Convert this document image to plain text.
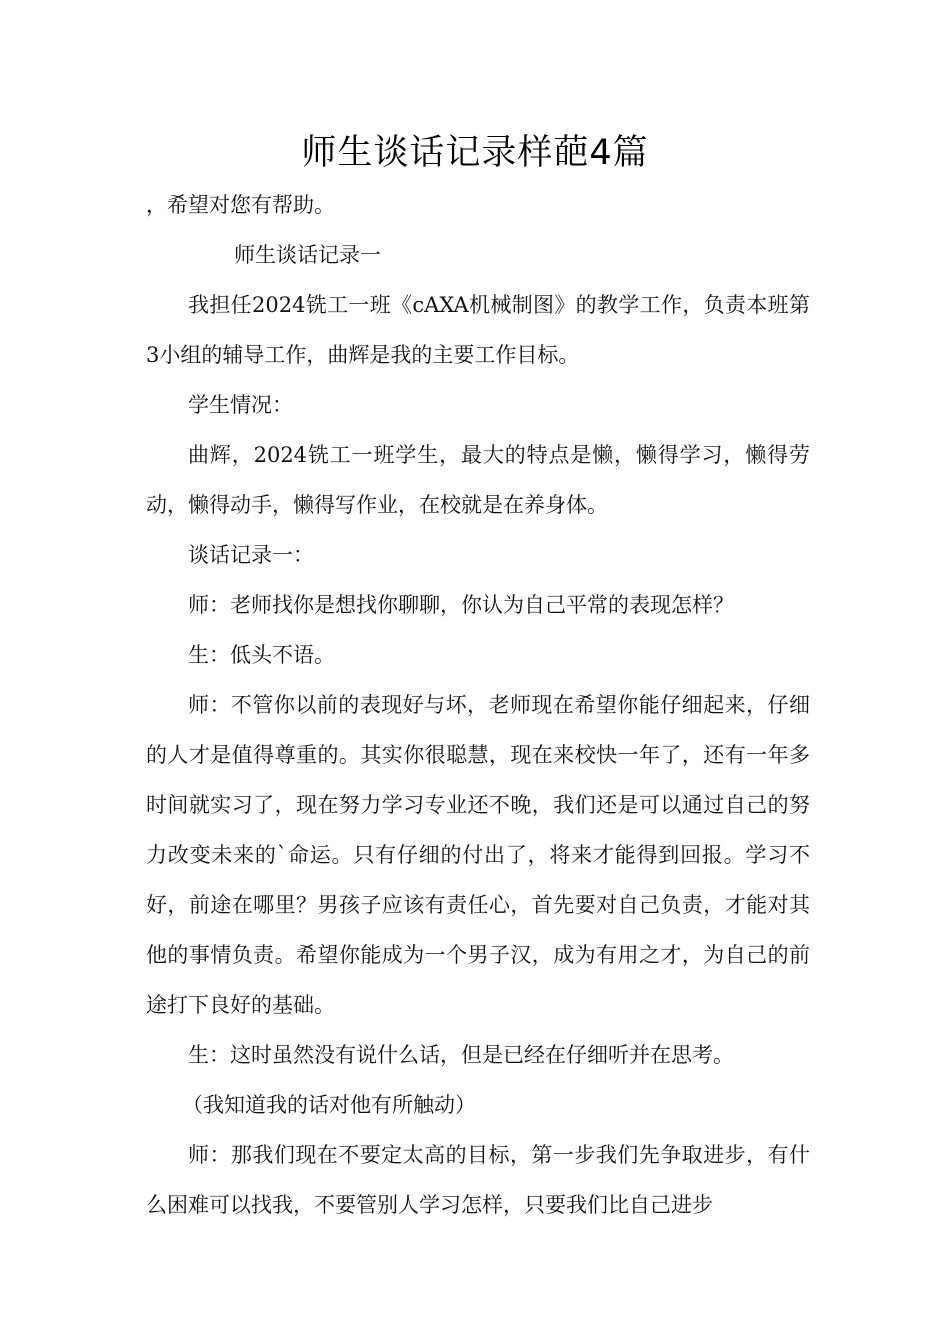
师生谈话记录样葩4篇

，希望对您有帮助。

师生谈话记录一

我担任2024铣工一班《cAXA机械制图》的教学工作，负责本班第3小组的辅导工作，曲辉是我的主要工作目标。

学生情况：

曲辉，2024铣工一班学生，最大的特点是懒，懒得学习，懒得劳动，懒得动手，懒得写作业，在校就是在养身体。

谈话记录一：

师：老师找你是想找你聊聊，你认为自己平常的表现怎样？

生：低头不语。

师：不管你以前的表现好与坏，老师现在希望你能仔细起来，仔细的人才是值得尊重的。其实你很聪慧，现在来校快一年了，还有一年多时间就实习了，现在努力学习专业还不晚，我们还是可以通过自己的努力改变未来的`命运。只有仔细的付出了，将来才能得到回报。学习不好，前途在哪里？男孩子应该有责任心，首先要对自己负责，才能对其他的事情负责。希望你能成为一个男子汉，成为有用之才，为自己的前途打下良好的基础。

生：这时虽然没有说什么话，但是已经在仔细听并在思考。

（我知道我的话对他有所触动）

师：那我们现在不要定太高的目标，第一步我们先争取进步，有什么困难可以找我，不要管别人学习怎样，只要我们比自己进步
